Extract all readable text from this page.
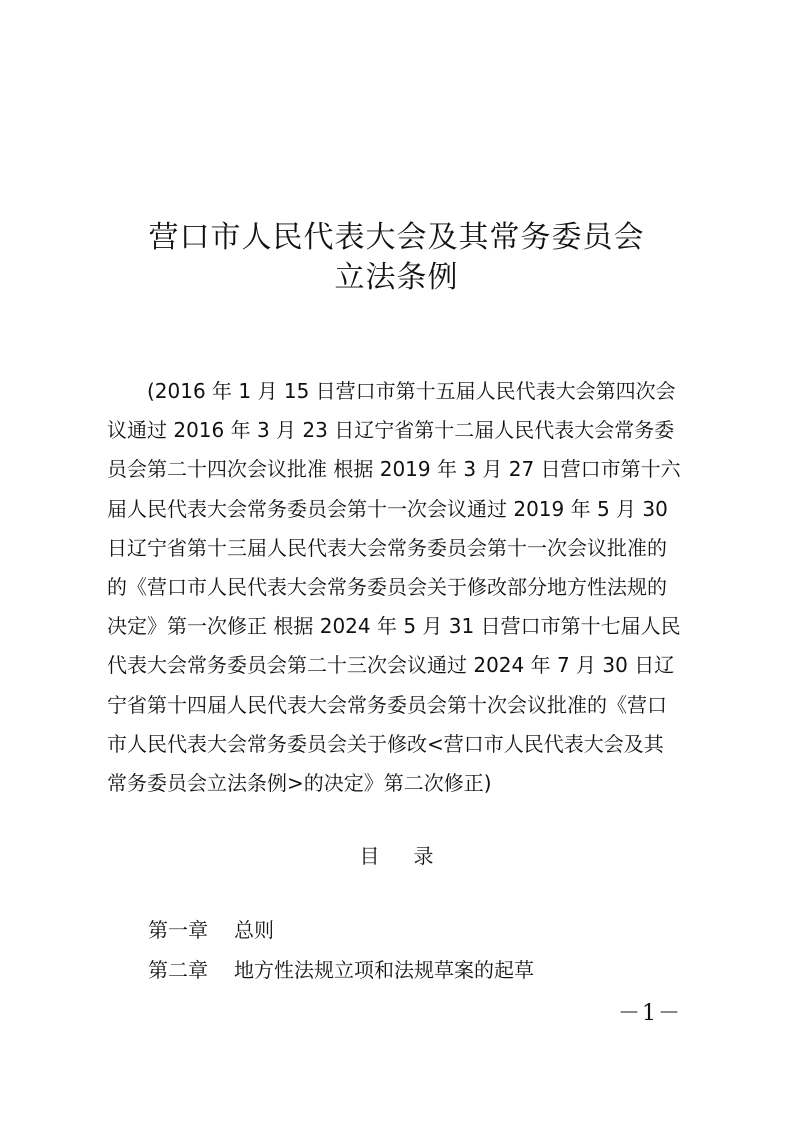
营口市人民代表大会及其常务委员会
立法条例
(2016 年 1 月 15 日营口市第十五届人民代表大会第四次会
议通过 2016 年 3 月 23 日辽宁省第十二届人民代表大会常务委
员会第二十四次会议批准 根据 2019 年 3 月 27 日营口市第十六
届人民代表大会常务委员会第十一次会议通过 2019 年 5 月 30
日辽宁省第十三届人民代表大会常务委员会第十一次会议批准的
的《营口市人民代表大会常务委员会关于修改部分地方性法规的
决定》第一次修正 根据 2024 年 5 月 31 日营口市第十七届人民
代表大会常务委员会第二十三次会议通过 2024 年 7 月 30 日辽
宁省第十四届人民代表大会常务委员会第十次会议批准的《营口
市人民代表大会常务委员会关于修改<营口市人民代表大会及其
常务委员会立法条例>的决定》第二次修正)
目录
第一章 总则
第二章 地方性法规立项和法规草案的起草
－1－
